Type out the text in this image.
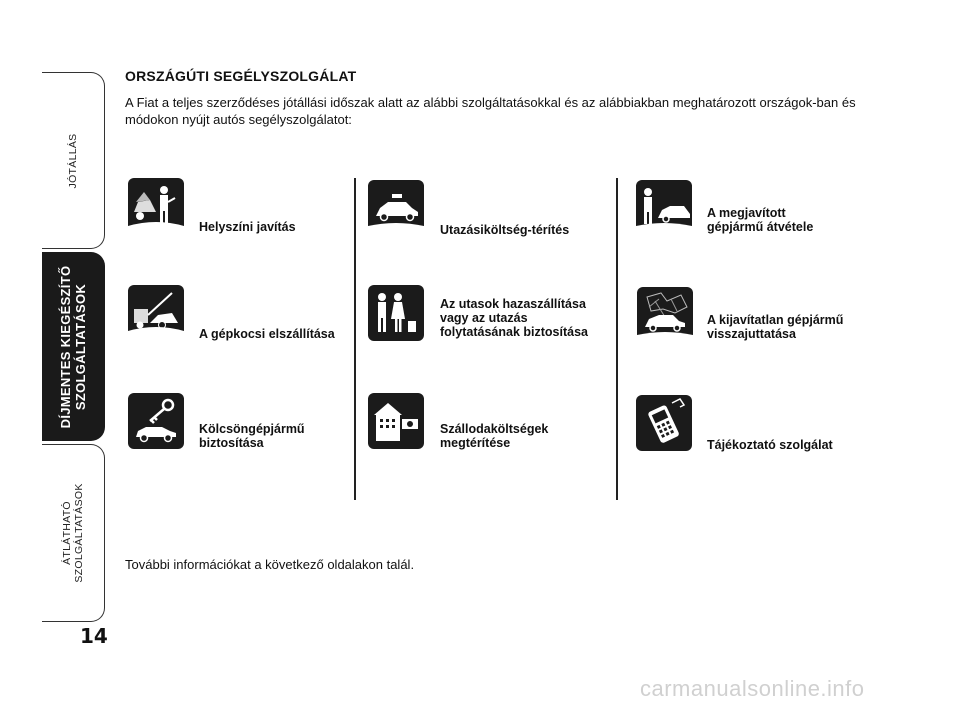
JÓTÁLLÁS
DÍJMENTES KIEGÉSZÍTŐ SZOLGÁLTATÁSOK
ÁTLÁTHATÓ SZOLGÁLTATÁSOK
14
ORSZÁGÚTI SEGÉLYSZOLGÁLAT
A Fiat a teljes szerződéses jótállási időszak alatt az alábbi szolgáltatásokkal és az alábbiakban meghatározott országok-ban és módokon nyújt autós segélyszolgálatot:
Helyszíni javítás
A gépkocsi elszállítása
Kölcsöngépjármű
biztosítása
Utazásiköltség-térítés
Az utasok hazaszállítása
vagy az utazás
folytatásának biztosítása
Szállodaköltségek
megtérítése
A megjavított
gépjármű átvétele
A kijavítatlan gépjármű
visszajuttatása
Tájékoztató szolgálat
További információkat a következő oldalakon talál.
carmanualsonline.info
